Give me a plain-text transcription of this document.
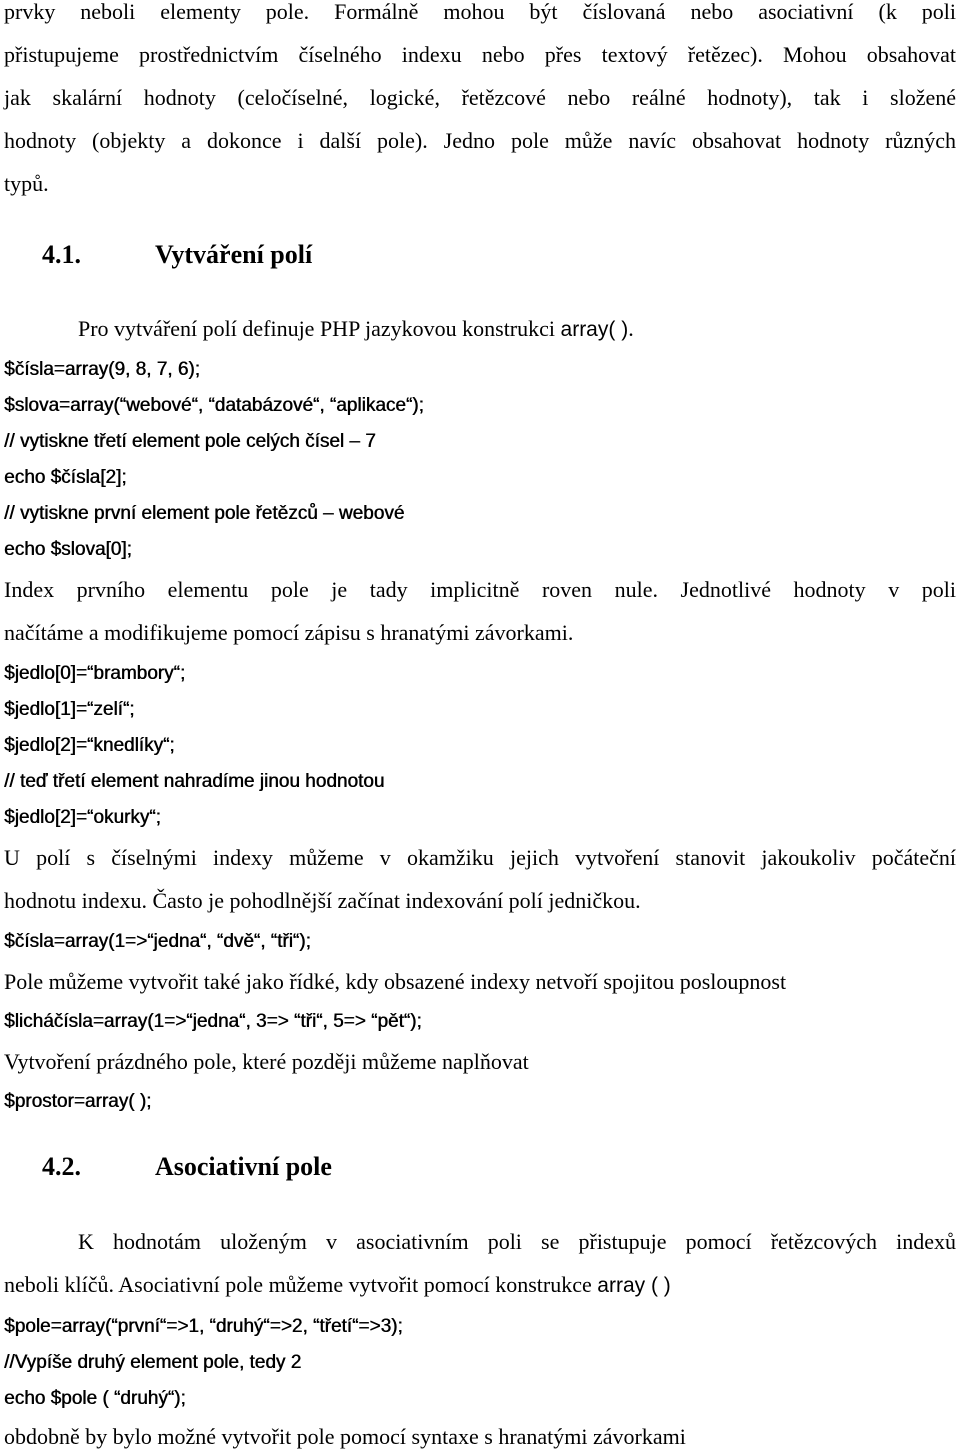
prvky neboli elementy pole. Formálně mohou být číslovaná nebo asociativní (k poli
přistupujeme prostřednictvím číselného indexu nebo přes textový řetězec). Mohou obsahovat
jak skalární hodnoty (celočíselné, logické, řetězcové nebo reálné hodnoty), tak i složené
hodnoty (objekty a dokonce i další pole). Jedno pole může navíc obsahovat hodnoty různých
typů.
4.1.	Vytváření polí
Pro vytváření polí definuje PHP jazykovou konstrukci array( ).
$čísla=array(9, 8, 7, 6);
$slova=array(“webové“, “databázové“, “aplikace“);
// vytiskne třetí element pole celých čísel – 7
echo $čísla[2];
// vytiskne první element pole řetězců – webové
echo $slova[0];
Index prvního elementu pole je tady implicitně roven nule. Jednotlivé hodnoty v poli
načítáme a modifikujeme pomocí zápisu s hranatými závorkami.
$jedlo[0]=“brambory“;
$jedlo[1]=“zelí“;
$jedlo[2]=“knedlíky“;
// teď třetí element nahradíme jinou hodnotou
$jedlo[2]=“okurky“;
U polí s číselnými indexy můžeme v okamžiku jejich vytvoření stanovit jakoukoliv počáteční
hodnotu indexu. Často je pohodlnější začínat indexování polí jedničkou.
$čísla=array(1=>“jedna“, “dvě“, “tři“);
Pole můžeme vytvořit také jako řídké, kdy obsazené indexy netvoří spojitou posloupnost
$licháčísla=array(1=>“jedna“, 3=> “tři“, 5=> “pět“);
Vytvoření prázdného pole, které později můžeme naplňovat
$prostor=array( );
4.2.	Asociativní pole
K hodnotám uloženým v asociativním poli se přistupuje pomocí řetězcových indexů
neboli klíčů. Asociativní pole můžeme vytvořit pomocí konstrukce array ( )
$pole=array(“první“=>1, “druhý“=>2, “třetí“=>3);
//Vypíše druhý element pole, tedy 2
echo $pole ( “druhý“);
obdobně by bylo možné vytvořit pole pomocí syntaxe s hranatými závorkami
